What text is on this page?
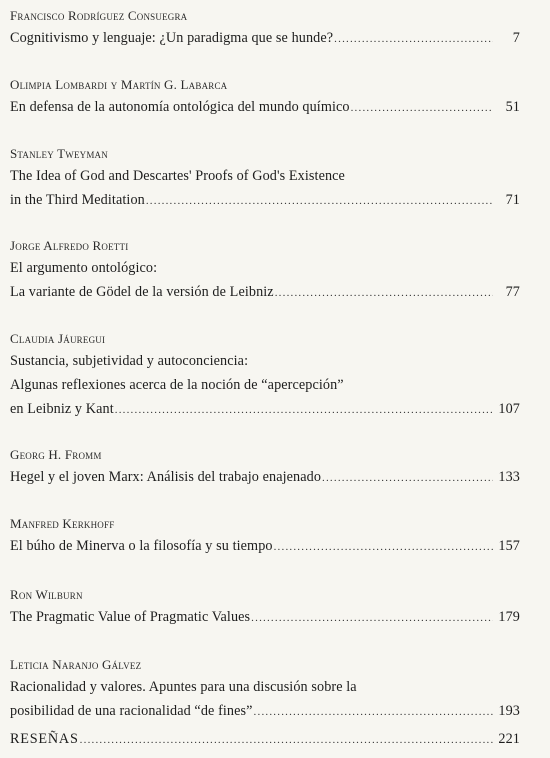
Francisco Rodríguez Consuegra
Cognitivismo y lenguaje: ¿Un paradigma que se hunde? .....	7
Olimpia Lombardi y Martín G. Labarca
En defensa de la autonomía ontológica del mundo químico .....	51
Stanley Tweyman
The Idea of God and Descartes' Proofs of God's Existence
in the Third Meditation .....	71
Jorge Alfredo Roetti
El argumento ontológico:
La variante de Gödel de la versión de Leibniz .....	77
Claudia Jáuregui
Sustancia, subjetividad y autoconciencia:
Algunas reflexiones acerca de la noción de “apercepción”
en Leibniz y Kant .....	107
Georg H. Fromm
Hegel y el joven Marx: Análisis del trabajo enajenado .....	133
Manfred Kerkhoff
El búho de Minerva o la filosofía y su tiempo .....	157
Ron Wilburn
The Pragmatic Value of Pragmatic Values .....	179
Leticia Naranjo Gálvez
Racionalidad y valores. Apuntes para una discusión sobre la
posibilidad de una racionalidad “de fines” .....	193
RESEÑAS .....	221
